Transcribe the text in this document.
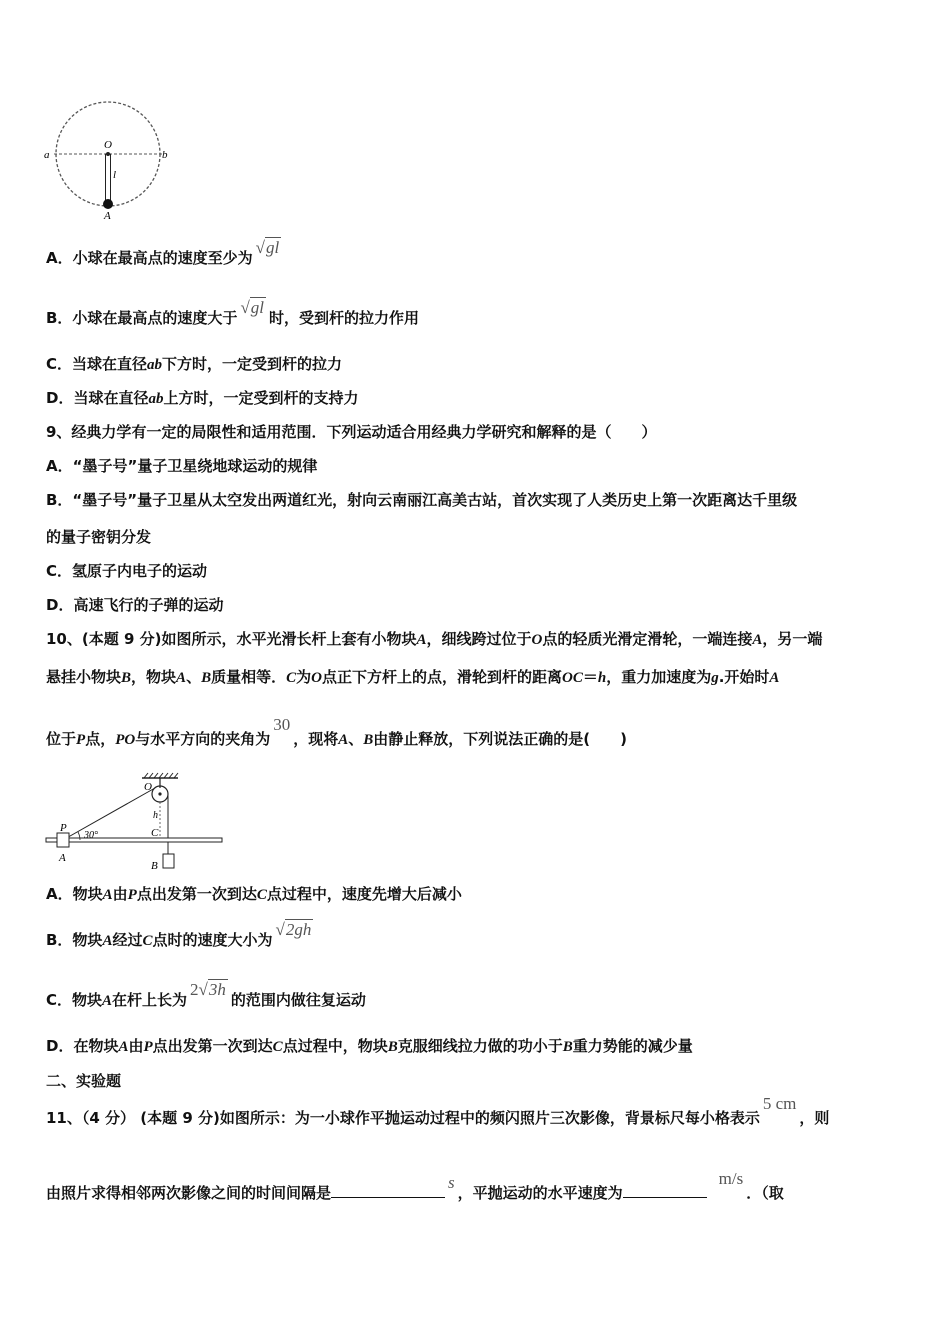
O
a	b
l
A
A．小球在最高点的速度至少为√gl
B．小球在最高点的速度大于√gl时，受到杆的拉力作用
C．当球在直径ab下方时，一定受到杆的拉力
D．当球在直径ab上方时，一定受到杆的支持力
9、经典力学有一定的局限性和适用范围．下列运动适合用经典力学研究和解释的是（　　）
A．“墨子号”量子卫星绕地球运动的规律
B．“墨子号”量子卫星从太空发出两道红光，射向云南丽江高美古站，首次实现了人类历史上第一次距离达千里级
的量子密钥分发
C．氢原子内电子的运动
D．高速飞行的子弹的运动
10、(本题 9 分)如图所示，水平光滑长杆上套有小物块A，细线跨过位于O点的轻质光滑定滑轮，一端连接A，另一端
悬挂小物块B，物块A、B质量相等．C为O点正下方杆上的点，滑轮到杆的距离OC＝h，重力加速度为g.开始时A
位于P点，PO与水平方向的夹角为30，现将A、B由静止释放，下列说法正确的是(　　)
O
P
30°
h
C
A
B
A．物块A由P点出发第一次到达C点过程中，速度先增大后减小
B．物块A经过C点时的速度大小为√2gh
C．物块A在杆上长为2√3h的范围内做往复运动
D．在物块A由P点出发第一次到达C点过程中，物块B克服细线拉力做的功小于B重力势能的减少量
二、实验题
11、（4 分） (本题 9 分)如图所示：为一小球作平抛运动过程中的频闪照片三次影像，背景标尺每小格表示5 cm，则
由照片求得相邻两次影像之间的时间间隔是s，平抛运动的水平速度为m/s．（取
